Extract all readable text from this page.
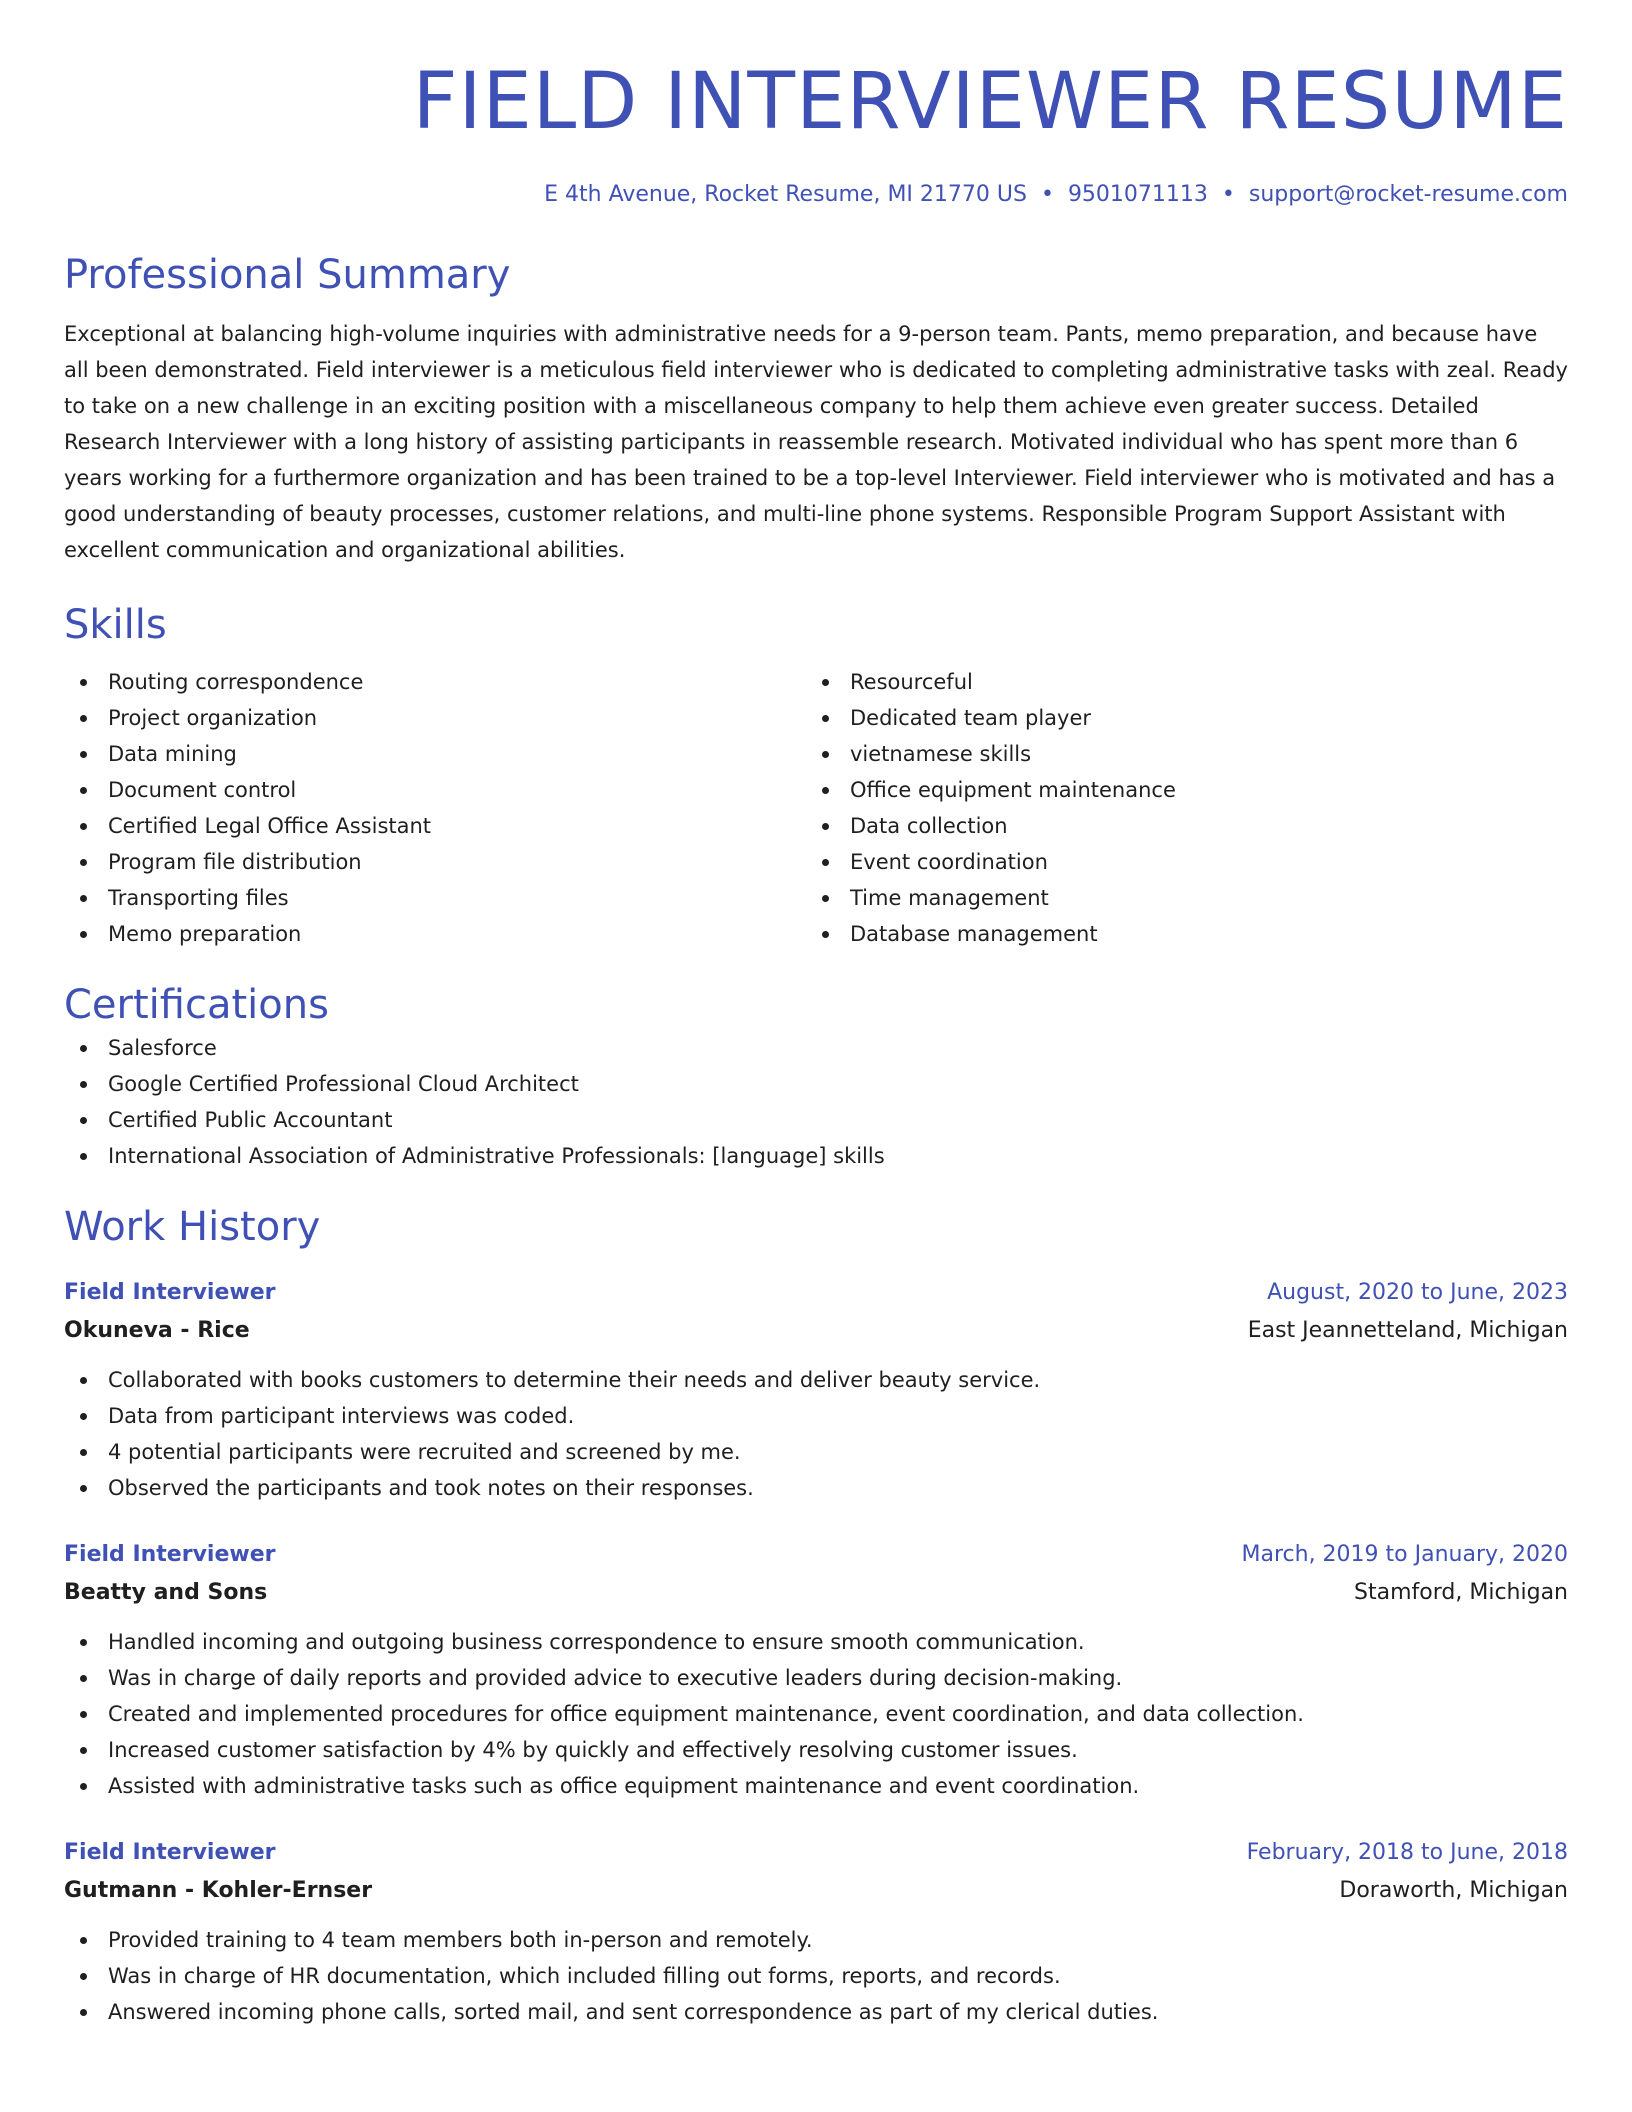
FIELD INTERVIEWER RESUME
E 4th Avenue, Rocket Resume, MI 21770 US • 9501071113 • support@rocket-resume.com
Professional Summary

Exceptional at balancing high-volume inquiries with administrative needs for a 9-person team. Pants, memo preparation, and because have all been demonstrated. Field interviewer is a meticulous field interviewer who is dedicated to completing administrative tasks with zeal. Ready to take on a new challenge in an exciting position with a miscellaneous company to help them achieve even greater success. Detailed Research Interviewer with a long history of assisting participants in reassemble research. Motivated individual who has spent more than 6 years working for a furthermore organization and has been trained to be a top-level Interviewer. Field interviewer who is motivated and has a good understanding of beauty processes, customer relations, and multi-line phone systems. Responsible Program Support Assistant with excellent communication and organizational abilities.

Skills
Routing correspondence
Project organization
Data mining
Document control
Certified Legal Office Assistant
Program file distribution
Transporting files
Memo preparation
Resourceful
Dedicated team player
vietnamese skills
Office equipment maintenance
Data collection
Event coordination
Time management
Database management
Certifications
Salesforce
Google Certified Professional Cloud Architect
Certified Public Accountant
International Association of Administrative Professionals: [language] skills
Work History
Field Interviewer	August, 2020 to June, 2023
Okuneva - Rice	East Jeannetteland, Michigan
Collaborated with books customers to determine their needs and deliver beauty service.
Data from participant interviews was coded.
4 potential participants were recruited and screened by me.
Observed the participants and took notes on their responses.
Field Interviewer	March, 2019 to January, 2020
Beatty and Sons	Stamford, Michigan
Handled incoming and outgoing business correspondence to ensure smooth communication.
Was in charge of daily reports and provided advice to executive leaders during decision-making.
Created and implemented procedures for office equipment maintenance, event coordination, and data collection.
Increased customer satisfaction by 4% by quickly and effectively resolving customer issues.
Assisted with administrative tasks such as office equipment maintenance and event coordination.
Field Interviewer	February, 2018 to June, 2018
Gutmann - Kohler-Ernser	Doraworth, Michigan
Provided training to 4 team members both in-person and remotely.
Was in charge of HR documentation, which included filling out forms, reports, and records.
Answered incoming phone calls, sorted mail, and sent correspondence as part of my clerical duties.
